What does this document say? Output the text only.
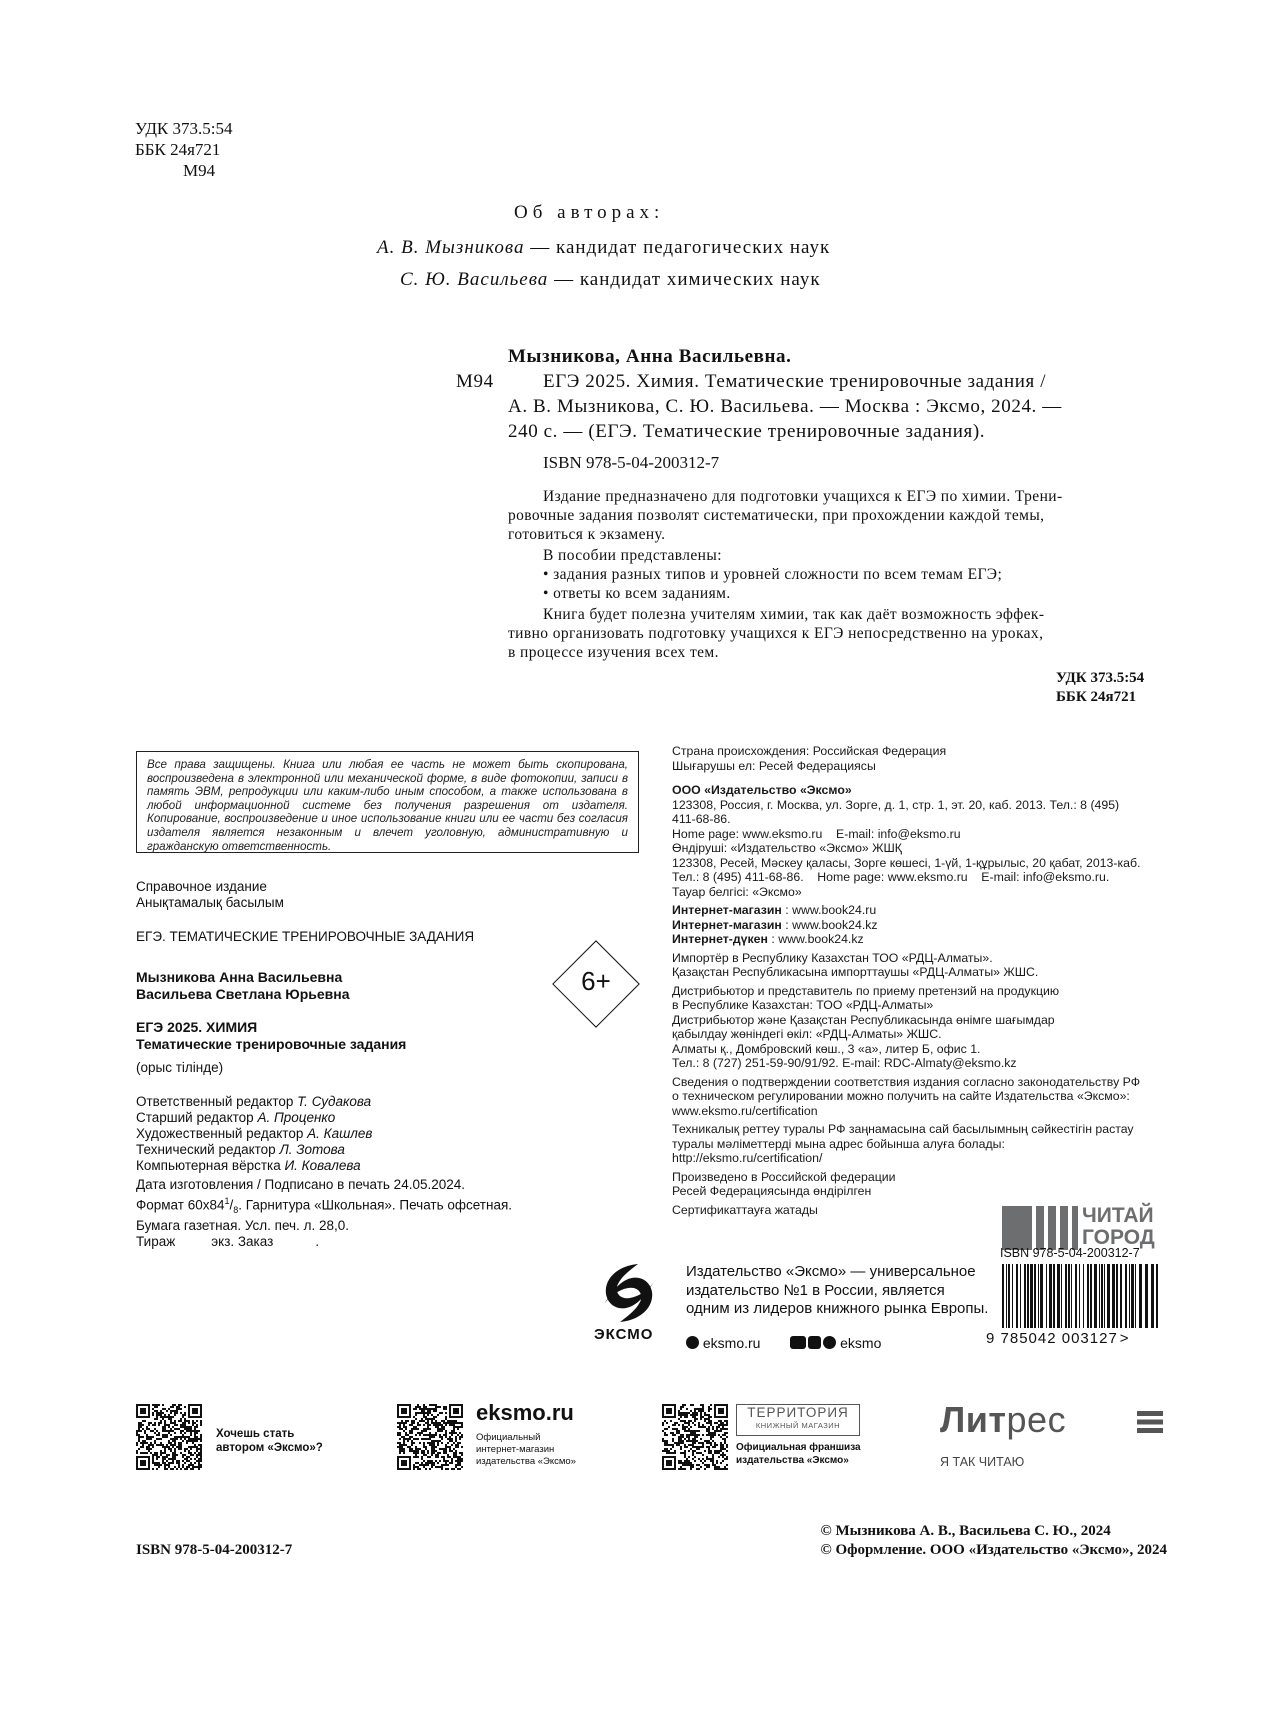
УДК 373.5:54
ББК 24я721
М94
Об авторах:
А. В. Мызникова — кандидат педагогических наук
С. Ю. Васильева — кандидат химических наук
Мызникова, Анна Васильевна.
М94	ЕГЭ 2025. Химия. Тематические тренировочные задания /
А. В. Мызникова, С. Ю. Васильева. — Москва : Эксмо, 2024. —
240 с. — (ЕГЭ. Тематические тренировочные задания).
ISBN 978-5-04-200312-7
Издание предназначено для подготовки учащихся к ЕГЭ по химии. Трени-
ровочные задания позволят систематически, при прохождении каждой темы,
готовиться к экзамену.
В пособии представлены:
• задания разных типов и уровней сложности по всем темам ЕГЭ;
• ответы ко всем заданиям.
Книга будет полезна учителям химии, так как даёт возможность эффек-
тивно организовать подготовку учащихся к ЕГЭ непосредственно на уроках,
в процессе изучения всех тем.
УДК 373.5:54
ББК 24я721
Все права защищены. Книга или любая ее часть не может быть скопирована, воспроизведена в электронной или механической форме, в виде фотокопии, записи в память ЭВМ, репродукции или каким-либо иным способом, а также использована в любой информационной системе без получения разрешения от издателя. Копирование, воспроизведение и иное использование книги или ее части без согласия издателя является незаконным и влечет уголовную, административную и гражданскую ответственность.
Справочное издание
Анықтамалық басылым
ЕГЭ. ТЕМАТИЧЕСКИЕ ТРЕНИРОВОЧНЫЕ ЗАДАНИЯ
Мызникова Анна Васильевна
Васильева Светлана Юрьевна
ЕГЭ 2025. ХИМИЯ
Тематические тренировочные задания
(орыс тілінде)
Ответственный редактор Т. Судакова
Старший редактор А. Проценко
Художественный редактор А. Кашлев
Технический редактор Л. Зотова
Компьютерная вёрстка И. Ковалева
Дата изготовления / Подписано в печать 24.05.2024.
Формат $60x84^1/_8$. Гарнитура «Школьная». Печать офсетная.
Бумага газетная. Усл. печ. л. 28,0.
Тираж	экз. Заказ	.
6+
Страна происхождения: Российская Федерация
Шығарушы ел: Ресей Федерациясы
ООО «Издательство «Эксмо»
123308, Россия, г. Москва, ул. Зорге, д. 1, стр. 1, эт. 20, каб. 2013. Тел.: 8 (495) 411-68-86.
Home page: www.eksmo.ru    E-mail: info@eksmo.ru
Өндіруші: «Издательство «Эксмо» ЖШҚ
123308, Ресей, Мәскеу қаласы, Зорге көшесі, 1-үй, 1-құрылыс, 20 қабат, 2013-каб.
Тел.: 8 (495) 411-68-86.    Home page: www.eksmo.ru    E-mail: info@eksmo.ru.
Тауар белгісі: «Эксмо»
Интернет-магазин : www.book24.ru
Интернет-магазин : www.book24.kz
Интернет-дүкен : www.book24.kz
Импортёр в Республику Казахстан ТОО «РДЦ-Алматы».
Қазақстан Республикасына импорттаушы «РДЦ-Алматы» ЖШС.
Дистрибьютор и представитель по приему претензий на продукцию
в Республике Казахстан: ТОО «РДЦ-Алматы»
Дистрибьютор және Қазақстан Республикасында өнімге шағымдар
қабылдау жөніндегі өкіл: «РДЦ-Алматы» ЖШС.
Алматы қ., Домбровский көш., 3 «а», литер Б, офис 1.
Тел.: 8 (727) 251-59-90/91/92. E-mail: RDC-Almaty@eksmo.kz
Сведения о подтверждении соответствия издания согласно законодательству РФ
о техническом регулировании можно получить на сайте Издательства «Эксмо»:
www.eksmo.ru/certification
Техникалық реттеу туралы РФ заңнамасына сай басылымның сәйкестігін растау
туралы мәліметтерді мына адрес бойынша алуға болады: http://eksmo.ru/certification/
Произведено в Российской федерации
Ресей Федерациясында өндірілген
Сертификаттауға жатады	ЧИТАЙ
ГОРОД
ЭКСМО
Издательство «Эксмо» — универсальное
издательство №1 в России, является
одним из лидеров книжного рынка Европы.
eksmo.ru	eksmo
ISBN 978-5-04-200312-7
9 785042 003127 >
Хочешь стать
автором «Эксмо»?
eksmo.ru
Официальный
интернет-магазин
издательства «Эксмо»
ТЕРРИТОРИЯ
КНИЖНЫЙ МАГАЗИН
Официальная франшиза
издательства «Эксмо»
Литрес
Я ТАК ЧИТАЮ
ISBN 978-5-04-200312-7
© Мызникова А. В., Васильева С. Ю., 2024
© Оформление. ООО «Издательство «Эксмо», 2024
